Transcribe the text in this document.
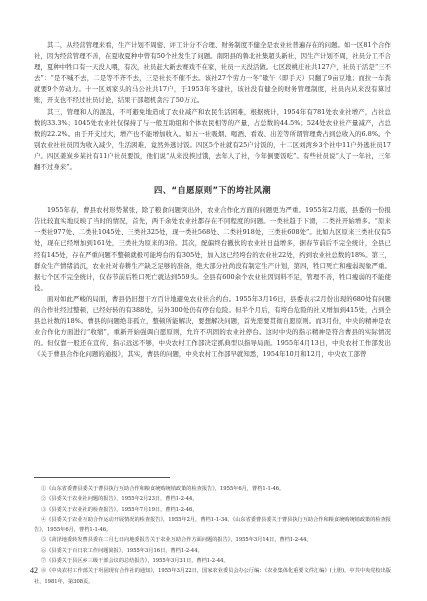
其二，从经营管理来看，生产计划不周密、评工计分不合理、财务制度不健全是农业社普遍存在的问题。如一区81个合作社，因为经营管理不善，在夏收夏种中曾有50个社发生了问题。南阳县的鲁北社集超头新社，因生产计划不周，社员分工不合理，夏种中牲口有一天没人喂，有次，社员赶大新去赛戏不在家，社员一天没活做。七区段桃庄社共127户，社员干活是“三不去”：“是不喊不去，二是等不齐不去，三是社长不催不去。该社27个劳力一冬“歇午（即手天）只翻了9亩豆地；而拉一车粪就要9个劳动力。十一区刘家头的马公社共17户，于1953年冬建社，该社没有健全的财务管理制度，社员内从来没有算过账，开支也不经过社员讨论，结果干部超机贪污了50万元。

其三，管理和人的混乱，不可避免地造成了农业减产和农民生活困难，根据统计，1954年有781处农业社增产，占社总数的33.3%；1045处农业社仅保持了与一般互助组和个体农民相等的产量，占总数的44.5%；524处农业社产量减产，占总数的22.2%。由于开支过大，增产也不能增加收入。如五一社吸烟、喝酒、看戏、出差等所谓管理费占到总收入的6.8%。个别农业社社员因为收入减少，生活困难，竟然外逃讨饭。四区5个社就有25户讨饭的，十二区刘湾乡3个社中11户外逃社员17户。四区姜炭乡某社有11户社员要饭，他们说“从来没挨过饿，去年人了社，今年倒要饭吃”。有些社员说“人了一年社，三年翻不过身来”。

四、“自愿原则”下的垮社风潮

1955年春，曹县农村形势紧张，除了粮食问题突出外，农业合作化方面的问题更为严重。1955年2月底，县委的一份报告比较直实地反映了当时的情况，首先，两千余处农业社都存在不同程度的问题。一类社趋于下滑，二类社开始增多。“原来一类社977处、二类社1045处、三类社325处，现一类社568处、二类社918处，三类社608处”。比如九区原来三类社仅有5处，现在已经增加到161处，三类社为原来的3倍。其次，配偏终台撤伙的农业社日益增多，据春节前后不完全统计，全县已经有145处，存在严重问题不整顿就极可能垮台的有305处，加入这已经垮台的农业社22处，约到农业社总数的18%。第三，群众生产情绪消沉，农业社对春耕生产缺乏足够的准备，绝大部分社尚没有制定生产计划，第四，牲口死亡和瘦弱现象严重。据七个区不完全统计，仅春节前后牲口死亡就达到559头。全县有600余个农业社因饲料不足，管理不善，牲口瘦弱的不能使役。

面对如此严峻的局面，曹县仍旧想干方百计地避免农业社合约台。1955年3月16日，县委表示2月份出现的680处有问题的合作社经过整顿，已经好转的有388处，另外300处仍有停台危险。但半个月后，有垮台危险的社又增加到415处，占到全县总社数的18%。曹县的问题绝非孤立，整顿所能解决，要想解决问题，首先需要贯彻自愿原则。而3月份，中央的精神是农业合作化方面进行“收缩”，重新开始强调自愿原则，允许不巩固的农业社停台。这时中央的指示精神是符合曹县的实际情况的。但仅靠一般还在宣传，指示远远不够，中央农村工作部决定抓典型以指导局面。1955年4月13日，中央农村工作部发出《关于曹县合作化问题的通报》，其实，曹县的问题，中央农村工作部早就知悉，1954年10月和12月，中央农工部曾

①《山东省委曹县委关于曹县执行互助合作和粮食统购统销政策的检查报告》，1955年6月，曹档1-1-46。

②《县委关于农业社问题的报告》，1955年2月23日，曹档1-2-44。

③《县委关于农业社的检查报告》，1955年7月19日，曹档1-2-46。

④《县委关于农业互助合作运动开展情况的检查报告》，1955年2月，曹档1-1-34。《山东省委曹县委关于曹县执行互助合作和粮食统购统销政策的检查报告》，1955年6月，曹档1-1-46。

⑤《菏泽地委转发曹县委在二月七日向地委报告关于农业互助合作方面问题的报告》，1955年3月14日，曹档1-2-44。

⑥《县委关于百日农工作问题简报》，1955年3月16日，曹档1-2-44。

⑦《县委关于县区乡三级干部会议的总结报告》，1955年3月31日，曹档1-2-44。

⑧《中央农村工作部关于巩固现有合作社的通知》，1955年3月22日，国家农业委员会办公厅编：《农业集体化重要文件汇编》(上册)，中共中央党校出版社，1981年，第308页。

42
